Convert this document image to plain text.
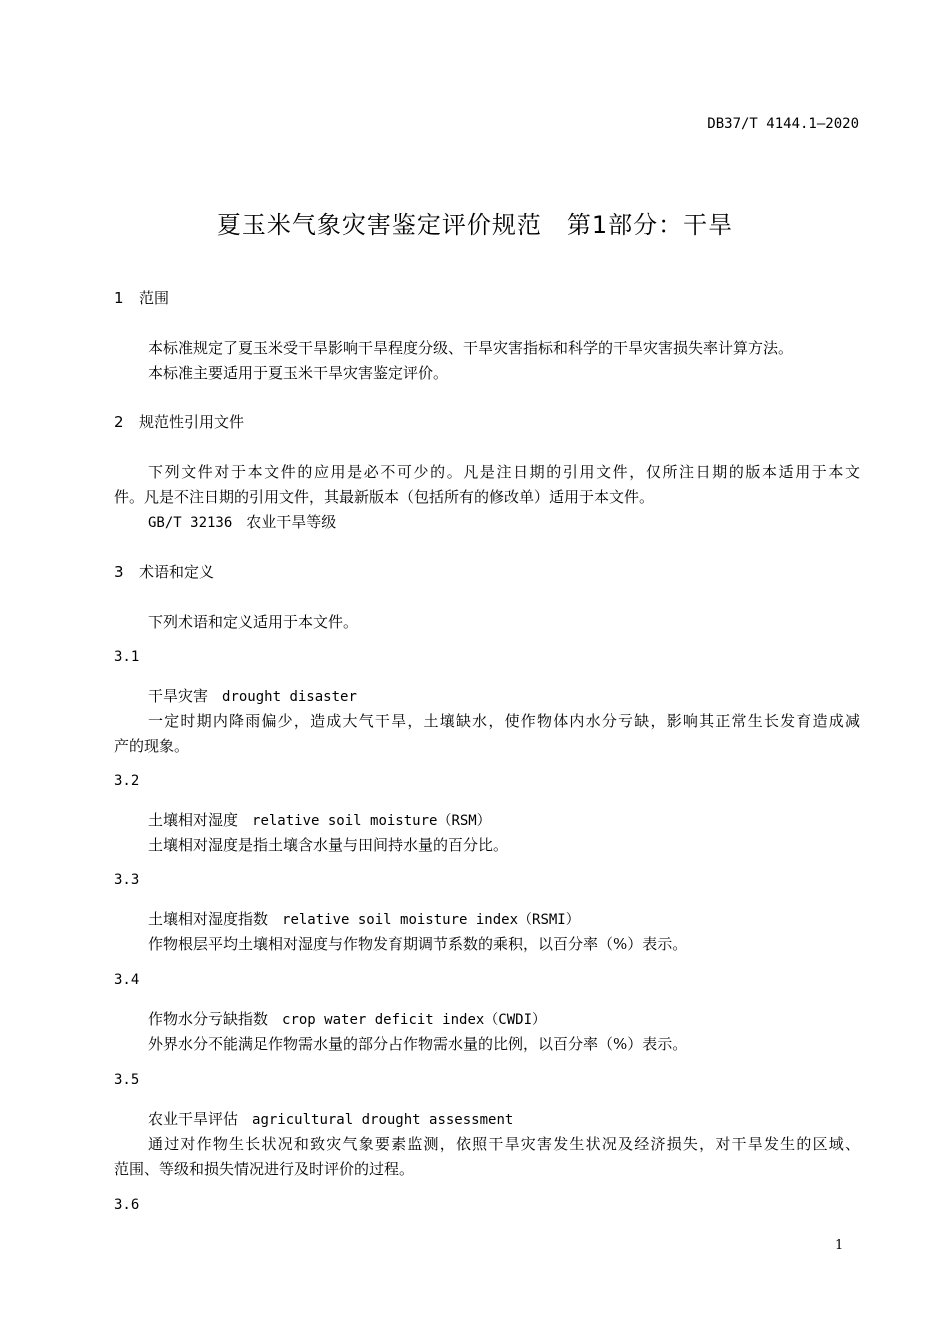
DB37/T 4144.1—2020
夏玉米气象灾害鉴定评价规范　第1部分：干旱
1 范围
本标准规定了夏玉米受干旱影响干旱程度分级、干旱灾害指标和科学的干旱灾害损失率计算方法。
本标准主要适用于夏玉米干旱灾害鉴定评价。
2 规范性引用文件
下列文件对于本文件的应用是必不可少的。凡是注日期的引用文件，仅所注日期的版本适用于本文
件。凡是不注日期的引用文件，其最新版本（包括所有的修改单）适用于本文件。
GB/T 32136 农业干旱等级
3 术语和定义
下列术语和定义适用于本文件。
3.1
干旱灾害 drought disaster
一定时期内降雨偏少，造成大气干旱，土壤缺水，使作物体内水分亏缺，影响其正常生长发育造成减
产的现象。
3.2
土壤相对湿度 relative soil moisture（RSM）
土壤相对湿度是指土壤含水量与田间持水量的百分比。
3.3
土壤相对湿度指数 relative soil moisture index（RSMI）
作物根层平均土壤相对湿度与作物发育期调节系数的乘积，以百分率（%）表示。
3.4
作物水分亏缺指数 crop water deficit index（CWDI）
外界水分不能满足作物需水量的部分占作物需水量的比例，以百分率（%）表示。
3.5
农业干旱评估 agricultural drought assessment
通过对作物生长状况和致灾气象要素监测，依照干旱灾害发生状况及经济损失，对干旱发生的区域、
范围、等级和损失情况进行及时评价的过程。
3.6
1
